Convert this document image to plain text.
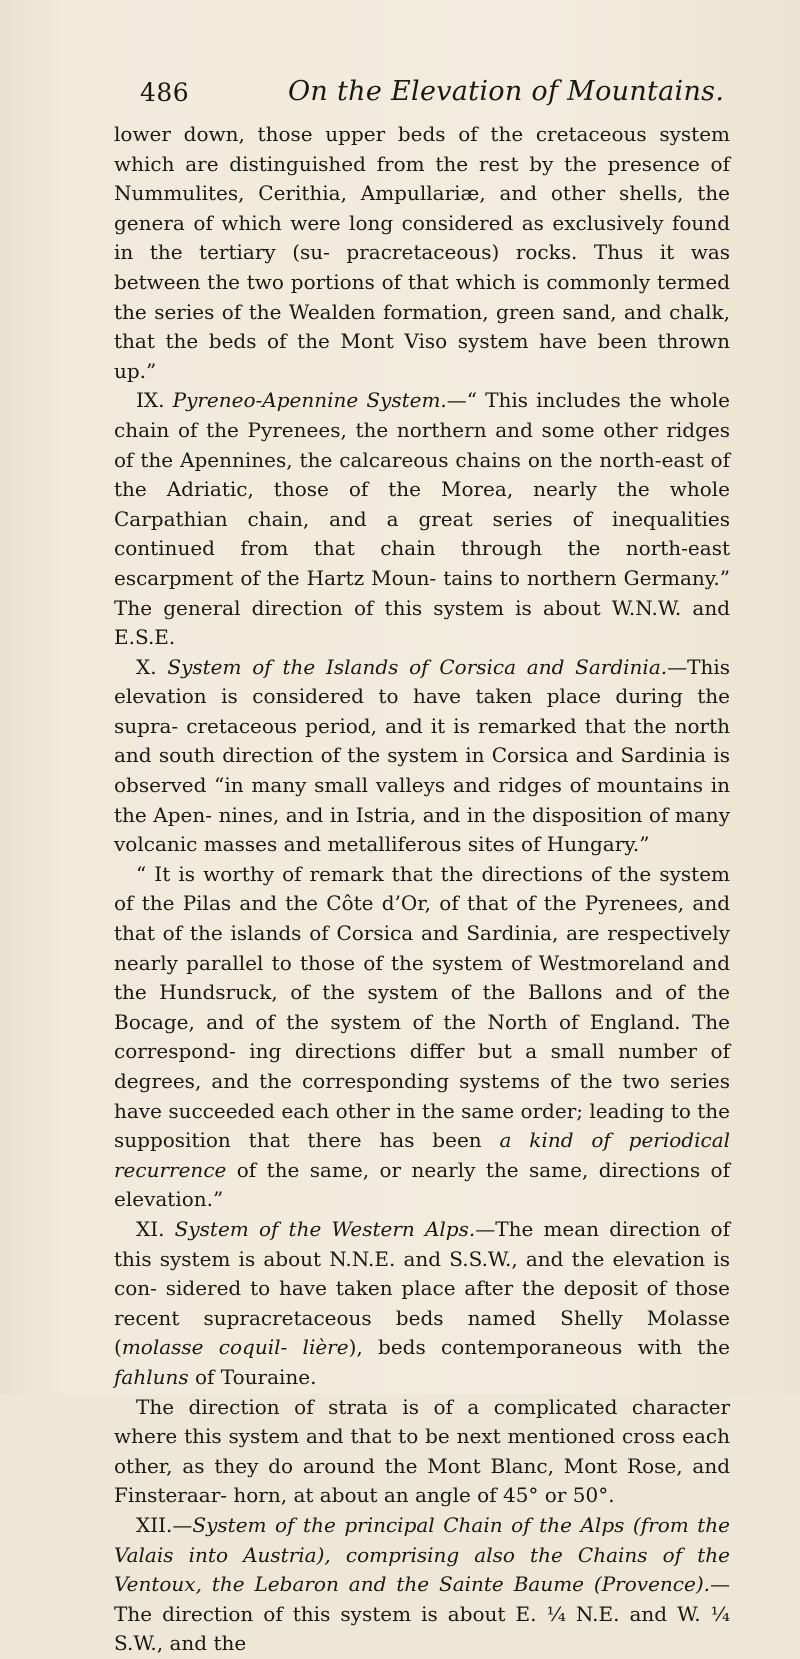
486	On the Elevation of Mountains.

lower down, those upper beds of the cretaceous system which are distinguished from the rest by the presence of Nummulites, Cerithia, Ampullariæ, and other shells, the genera of which were long considered as exclusively found in the tertiary (su- pracretaceous) rocks. Thus it was between the two portions of that which is commonly termed the series of the Wealden formation, green sand, and chalk, that the beds of the Mont Viso system have been thrown up.”

IX. Pyreneo-Apennine System.—“ This includes the whole chain of the Pyrenees, the northern and some other ridges of the Apennines, the calcareous chains on the north-east of the Adriatic, those of the Morea, nearly the whole Carpathian chain, and a great series of inequalities continued from that chain through the north-east escarpment of the Hartz Moun- tains to northern Germany.” The general direction of this system is about W.N.W. and E.S.E.

X. System of the Islands of Corsica and Sardinia.—This elevation is considered to have taken place during the supra- cretaceous period, and it is remarked that the north and south direction of the system in Corsica and Sardinia is observed “in many small valleys and ridges of mountains in the Apen- nines, and in Istria, and in the disposition of many volcanic masses and metalliferous sites of Hungary.”

“ It is worthy of remark that the directions of the system of the Pilas and the Côte d’Or, of that of the Pyrenees, and that of the islands of Corsica and Sardinia, are respectively nearly parallel to those of the system of Westmoreland and the Hundsruck, of the system of the Ballons and of the Bocage, and of the system of the North of England. The correspond- ing directions differ but a small number of degrees, and the corresponding systems of the two series have succeeded each other in the same order; leading to the supposition that there has been a kind of periodical recurrence of the same, or nearly the same, directions of elevation.”

XI. System of the Western Alps.—The mean direction of this system is about N.N.E. and S.S.W., and the elevation is con- sidered to have taken place after the deposit of those recent supracretaceous beds named Shelly Molasse (molasse coquil- lière), beds contemporaneous with the fahluns of Touraine.

The direction of strata is of a complicated character where this system and that to be next mentioned cross each other, as they do around the Mont Blanc, Mont Rose, and Finsteraar- horn, at about an angle of 45° or 50°.

XII.—System of the principal Chain of the Alps (from the Valais into Austria), comprising also the Chains of the Ventoux, the Lebaron and the Sainte Baume (Provence).—The direction of this system is about E. ¼ N.E. and W. ¼ S.W., and the
